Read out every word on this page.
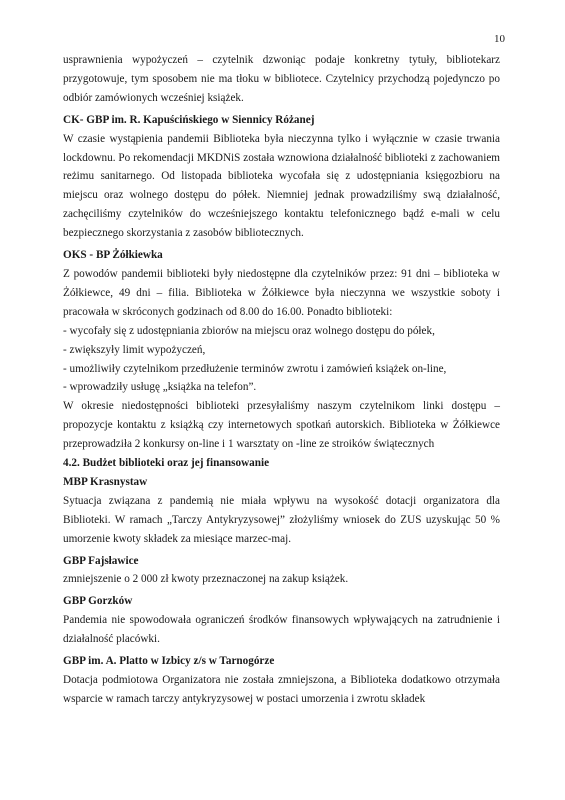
10

usprawnienia wypożyczeń – czytelnik dzwoniąc podaje konkretny tytuły, bibliotekarz przygotowuje, tym sposobem nie ma tłoku w bibliotece. Czytelnicy przychodzą pojedynczo po odbiór zamówionych wcześniej książek.

CK- GBP im. R. Kapuścińskiego w Siennicy Różanej

W czasie wystąpienia pandemii Biblioteka była nieczynna tylko i wyłącznie w czasie trwania lockdownu. Po rekomendacji MKDNiS została wznowiona działalność biblioteki z zachowaniem reżimu sanitarnego. Od listopada biblioteka wycofała się z udostępniania księgozbioru na miejscu oraz wolnego dostępu do półek. Niemniej jednak prowadziliśmy swą działalność, zachęciliśmy czytelników do wcześniejszego kontaktu telefonicznego bądź e-mali w celu bezpiecznego skorzystania z zasobów bibliotecznych.

OKS - BP Żółkiewka

Z powodów pandemii biblioteki były niedostępne dla czytelników przez: 91 dni – biblioteka w Żółkiewce, 49 dni – filia. Biblioteka w Żółkiewce była nieczynna we wszystkie soboty i pracowała w skróconych godzinach od 8.00 do 16.00. Ponadto biblioteki:

- wycofały się z udostępniania zbiorów na miejscu oraz wolnego dostępu do półek,

- zwiększyły limit wypożyczeń,

- umożliwiły czytelnikom przedłużenie terminów zwrotu i zamówień książek on-line,

- wprowadziły usługę „książka na telefon”.

W okresie niedostępności biblioteki przesyłaliśmy naszym czytelnikom linki dostępu – propozycje kontaktu z książką czy internetowych spotkań autorskich. Biblioteka w Żółkiewce przeprowadziła 2 konkursy on-line i 1 warsztaty on -line ze stroików świątecznych

4.2. Budżet biblioteki oraz jej finansowanie

MBP Krasnystaw

Sytuacja związana z pandemią nie miała wpływu na wysokość dotacji organizatora dla Biblioteki. W ramach „Tarczy Antykryzysowej” złożyliśmy wniosek do ZUS uzyskując 50 % umorzenie kwoty składek za miesiące marzec-maj.

GBP Fajsławice

zmniejszenie o 2 000 zł kwoty przeznaczonej na zakup książek.

GBP Gorzków

Pandemia nie spowodowała ograniczeń środków finansowych wpływających na zatrudnienie i działalność placówki.

GBP im. A. Platto w Izbicy z/s w Tarnogórze

Dotacja podmiotowa Organizatora nie została zmniejszona, a Biblioteka dodatkowo otrzymała wsparcie w ramach tarczy antykryzysowej w postaci umorzenia i zwrotu składek
